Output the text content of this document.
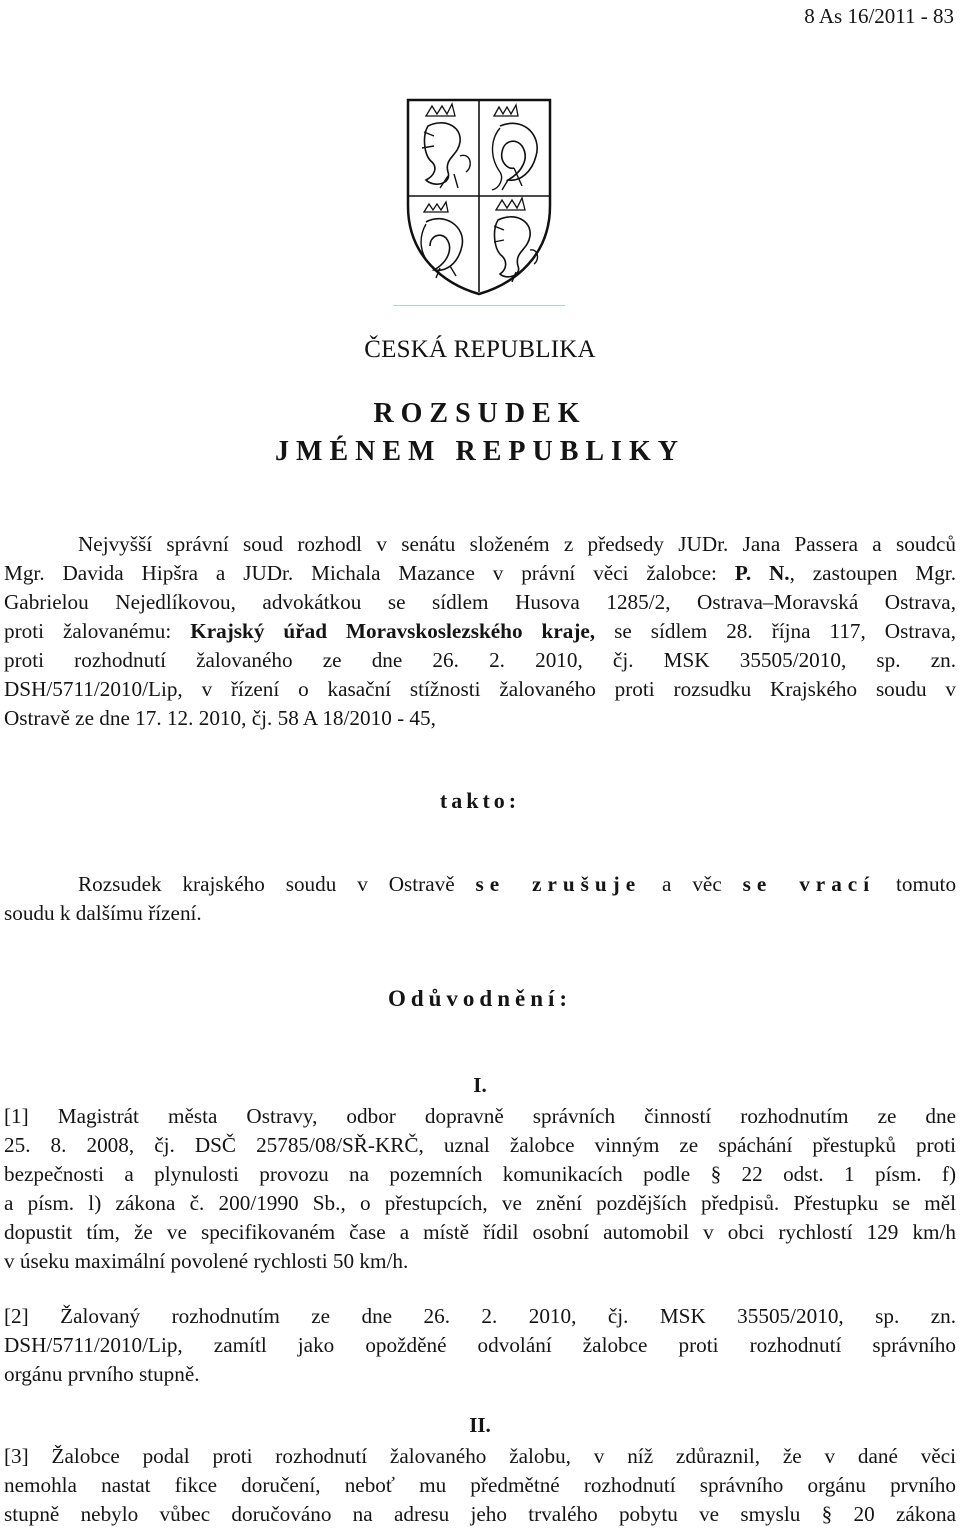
8 As 16/2011 - 83
ČESKÁ REPUBLIKA
ROZSUDEK
JMÉNEM REPUBLIKY
Nejvyšší správní soud rozhodl v senátu složeném z předsedy JUDr. Jana Passera a soudců
Mgr. Davida Hipšra a JUDr. Michala Mazance v právní věci žalobce: P. N., zastoupen Mgr.
Gabrielou Nejedlíkovou, advokátkou se sídlem Husova 1285/2, Ostrava–Moravská Ostrava,
proti žalovanému: Krajský úřad Moravskoslezského kraje, se sídlem 28. října 117, Ostrava,
proti rozhodnutí žalovaného ze dne 26. 2. 2010, čj. MSK 35505/2010, sp. zn.
DSH/5711/2010/Lip, v řízení o kasační stížnosti žalovaného proti rozsudku Krajského soudu v
Ostravě ze dne 17. 12. 2010, čj. 58 A 18/2010 - 45,
Rozsudek krajského soudu v Ostravě se zrušuje a věc se vrací tomuto
soudu k dalšímu řízení.
[1] Magistrát města Ostravy, odbor dopravně správních činností rozhodnutím ze dne
25. 8. 2008, čj. DSČ 25785/08/SŘ-KRČ, uznal žalobce vinným ze spáchání přestupků proti
bezpečnosti a plynulosti provozu na pozemních komunikacích podle § 22 odst. 1 písm. f)
a písm. l) zákona č. 200/1990 Sb., o přestupcích, ve znění pozdějších předpisů. Přestupku se měl
dopustit tím, že ve specifikovaném čase a místě řídil osobní automobil v obci rychlostí 129 km/h
v úseku maximální povolené rychlosti 50 km/h.
[2] Žalovaný rozhodnutím ze dne 26. 2. 2010, čj. MSK 35505/2010, sp. zn.
DSH/5711/2010/Lip, zamítl jako opožděné odvolání žalobce proti rozhodnutí správního
orgánu prvního stupně.
[3] Žalobce podal proti rozhodnutí žalovaného žalobu, v níž zdůraznil, že v dané věci
nemohla nastat fikce doručení, neboť mu předmětné rozhodnutí správního orgánu prvního
stupně nebylo vůbec doručováno na adresu jeho trvalého pobytu ve smyslu § 20 zákona
takto:
Odůvodnění:
I.
II.
